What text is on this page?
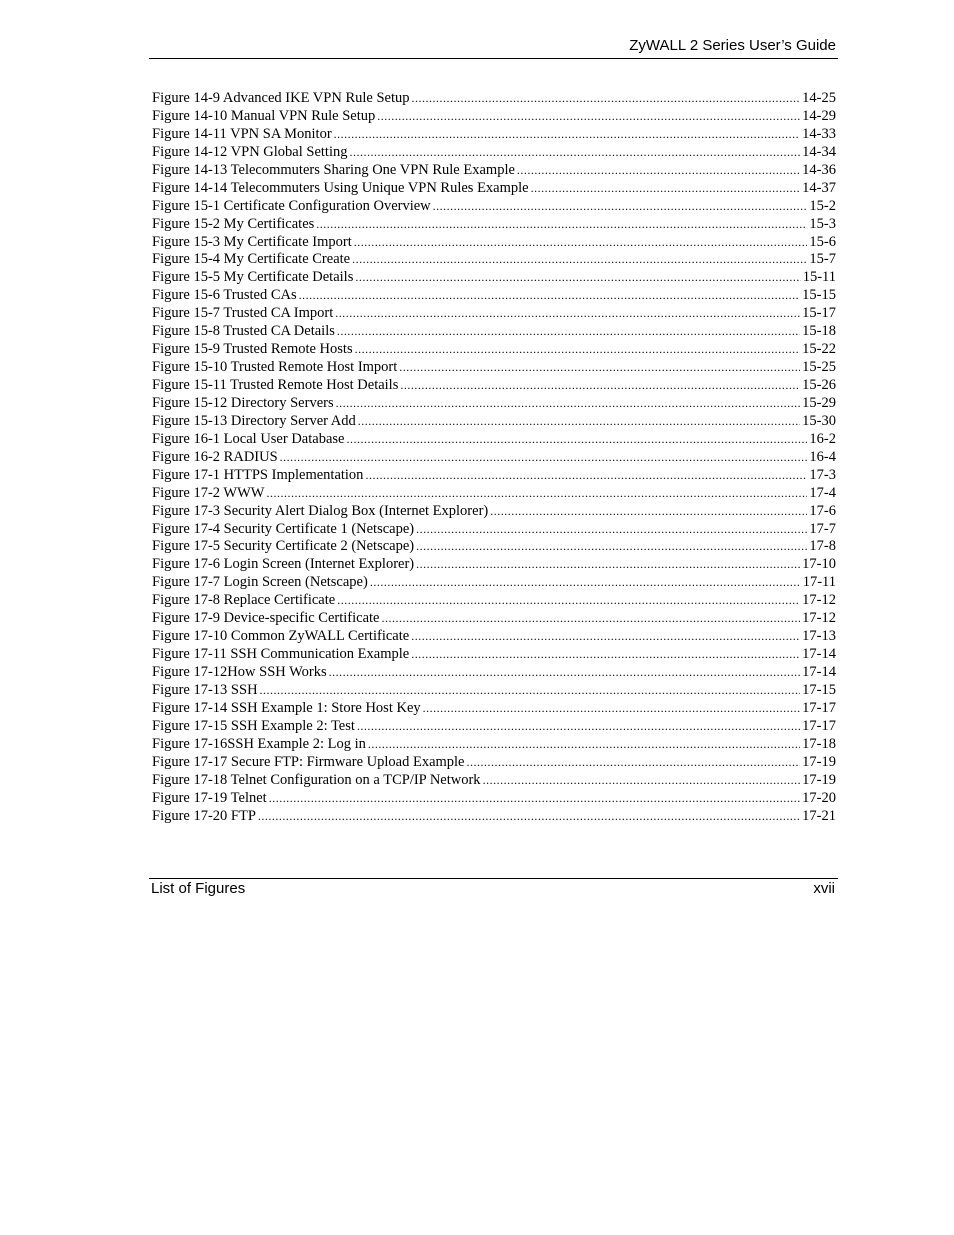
ZyWALL 2 Series User’s Guide
Figure 14-9 Advanced IKE VPN Rule Setup .....	14-25
Figure 14-10 Manual VPN Rule Setup .....	14-29
Figure 14-11 VPN SA Monitor .....	14-33
Figure 14-12 VPN Global Setting .....	14-34
Figure 14-13 Telecommuters Sharing One VPN Rule Example .....	14-36
Figure 14-14 Telecommuters Using Unique VPN Rules Example .....	14-37
Figure 15-1 Certificate Configuration Overview .....	15-2
Figure 15-2 My Certificates .....	15-3
Figure 15-3 My Certificate Import .....	15-6
Figure 15-4 My Certificate Create .....	15-7
Figure 15-5 My Certificate Details .....	15-11
Figure 15-6 Trusted CAs .....	15-15
Figure 15-7 Trusted CA Import .....	15-17
Figure 15-8 Trusted CA Details .....	15-18
Figure 15-9 Trusted Remote Hosts .....	15-22
Figure 15-10 Trusted Remote Host Import .....	15-25
Figure 15-11 Trusted Remote Host Details .....	15-26
Figure 15-12 Directory Servers .....	15-29
Figure 15-13 Directory Server Add .....	15-30
Figure 16-1 Local User Database .....	16-2
Figure 16-2 RADIUS .....	16-4
Figure 17-1 HTTPS Implementation .....	17-3
Figure 17-2 WWW .....	17-4
Figure 17-3 Security Alert Dialog Box (Internet Explorer) .....	17-6
Figure 17-4 Security Certificate 1 (Netscape) .....	17-7
Figure 17-5 Security Certificate 2 (Netscape) .....	17-8
Figure 17-6 Login Screen (Internet Explorer) .....	17-10
Figure 17-7 Login Screen (Netscape) .....	17-11
Figure 17-8 Replace Certificate .....	17-12
Figure 17-9 Device-specific Certificate .....	17-12
Figure 17-10 Common ZyWALL Certificate .....	17-13
Figure 17-11 SSH Communication Example .....	17-14
Figure 17-12How SSH Works .....	17-14
Figure 17-13 SSH .....	17-15
Figure 17-14 SSH Example 1: Store Host Key .....	17-17
Figure 17-15 SSH Example 2: Test .....	17-17
Figure 17-16SSH Example 2: Log in .....	17-18
Figure 17-17 Secure FTP: Firmware Upload Example .....	17-19
Figure 17-18 Telnet Configuration on a TCP/IP Network .....	17-19
Figure 17-19 Telnet .....	17-20
Figure 17-20 FTP .....	17-21
List of Figures	xvii
